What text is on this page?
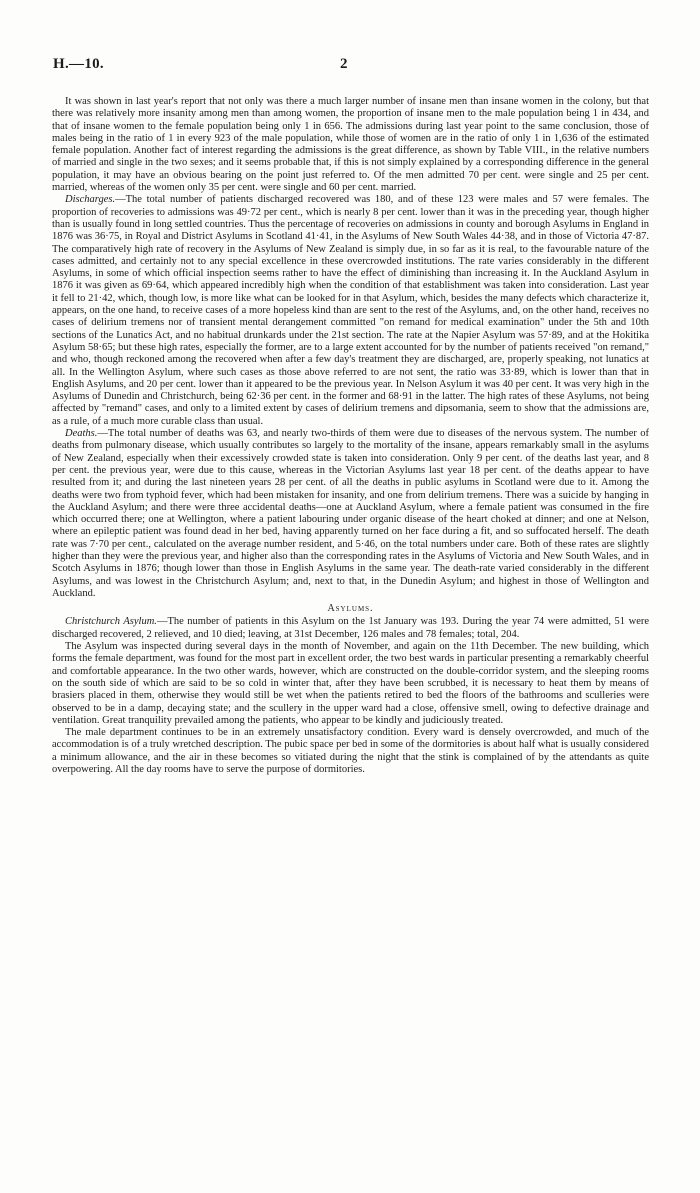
H.—10.	2

It was shown in last year's report that not only was there a much larger number of insane men than insane women in the colony, but that there was relatively more insanity among men than among women, the proportion of insane men to the male population being 1 in 434, and that of insane women to the female population being only 1 in 656. The admissions during last year point to the same conclusion, those of males being in the ratio of 1 in every 923 of the male population, while those of women are in the ratio of only 1 in 1,636 of the estimated female population. Another fact of interest regarding the admissions is the great difference, as shown by Table VIII., in the relative numbers of married and single in the two sexes; and it seems probable that, if this is not simply explained by a corresponding difference in the general population, it may have an obvious bearing on the point just referred to. Of the men admitted 70 per cent. were single and 25 per cent. married, whereas of the women only 35 per cent. were single and 60 per cent. married.

Discharges.—The total number of patients discharged recovered was 180, and of these 123 were males and 57 were females. The proportion of recoveries to admissions was 49·72 per cent., which is nearly 8 per cent. lower than it was in the preceding year, though higher than is usually found in long settled countries. Thus the percentage of recoveries on admissions in county and borough Asylums in England in 1876 was 36·75, in Royal and District Asylums in Scotland 41·41, in the Asylums of New South Wales 44·38, and in those of Victoria 47·87. The comparatively high rate of recovery in the Asylums of New Zealand is simply due, in so far as it is real, to the favourable nature of the cases admitted, and certainly not to any special excellence in these overcrowded institutions. The rate varies considerably in the different Asylums, in some of which official inspection seems rather to have the effect of diminishing than increasing it. In the Auckland Asylum in 1876 it was given as 69·64, which appeared incredibly high when the condition of that establishment was taken into consideration. Last year it fell to 21·42, which, though low, is more like what can be looked for in that Asylum, which, besides the many defects which characterize it, appears, on the one hand, to receive cases of a more hopeless kind than are sent to the rest of the Asylums, and, on the other hand, receives no cases of delirium tremens nor of transient mental derangement committed "on remand for medical examination" under the 5th and 10th sections of the Lunatics Act, and no habitual drunkards under the 21st section. The rate at the Napier Asylum was 57·89, and at the Hokitika Asylum 58·65; but these high rates, especially the former, are to a large extent accounted for by the number of patients received "on remand," and who, though reckoned among the recovered when after a few day's treatment they are discharged, are, properly speaking, not lunatics at all. In the Wellington Asylum, where such cases as those above referred to are not sent, the ratio was 33·89, which is lower than that in English Asylums, and 20 per cent. lower than it appeared to be the previous year. In Nelson Asylum it was 40 per cent. It was very high in the Asylums of Dunedin and Christchurch, being 62·36 per cent. in the former and 68·91 in the latter. The high rates of these Asylums, not being affected by "remand" cases, and only to a limited extent by cases of delirium tremens and dipsomania, seem to show that the admissions are, as a rule, of a much more curable class than usual.

Deaths.—The total number of deaths was 63, and nearly two-thirds of them were due to diseases of the nervous system. The number of deaths from pulmonary disease, which usually contributes so largely to the mortality of the insane, appears remarkably small in the asylums of New Zealand, especially when their excessively crowded state is taken into consideration. Only 9 per cent. of the deaths last year, and 8 per cent. the previous year, were due to this cause, whereas in the Victorian Asylums last year 18 per cent. of the deaths appear to have resulted from it; and during the last nineteen years 28 per cent. of all the deaths in public asylums in Scotland were due to it. Among the deaths were two from typhoid fever, which had been mistaken for insanity, and one from delirium tremens. There was a suicide by hanging in the Auckland Asylum; and there were three accidental deaths—one at Auckland Asylum, where a female patient was consumed in the fire which occurred there; one at Wellington, where a patient labouring under organic disease of the heart choked at dinner; and one at Nelson, where an epileptic patient was found dead in her bed, having apparently turned on her face during a fit, and so suffocated herself. The death rate was 7·70 per cent., calculated on the average number resident, and 5·46, on the total numbers under care. Both of these rates are slightly higher than they were the previous year, and higher also than the corresponding rates in the Asylums of Victoria and New South Wales, and in Scotch Asylums in 1876; though lower than those in English Asylums in the same year. The death-rate varied considerably in the different Asylums, and was lowest in the Christchurch Asylum; and, next to that, in the Dunedin Asylum; and highest in those of Wellington and Auckland.

Asylums.

Christchurch Asylum.—The number of patients in this Asylum on the 1st January was 193. During the year 74 were admitted, 51 were discharged recovered, 2 relieved, and 10 died; leaving, at 31st December, 126 males and 78 females; total, 204.

The Asylum was inspected during several days in the month of November, and again on the 11th December. The new building, which forms the female department, was found for the most part in excellent order, the two best wards in particular presenting a remarkably cheerful and comfortable appearance. In the two other wards, however, which are constructed on the double-corridor system, and the sleeping rooms on the south side of which are said to be so cold in winter that, after they have been scrubbed, it is necessary to heat them by means of brasiers placed in them, otherwise they would still be wet when the patients retired to bed the floors of the bathrooms and sculleries were observed to be in a damp, decaying state; and the scullery in the upper ward had a close, offensive smell, owing to defective drainage and ventilation. Great tranquility prevailed among the patients, who appear to be kindly and judiciously treated.

The male department continues to be in an extremely unsatisfactory condition. Every ward is densely overcrowded, and much of the accommodation is of a truly wretched description. The pubic space per bed in some of the dormitories is about half what is usually considered a minimum allowance, and the air in these becomes so vitiated during the night that the stink is complained of by the attendants as quite overpowering. All the day rooms have to serve the purpose of dormitories.
